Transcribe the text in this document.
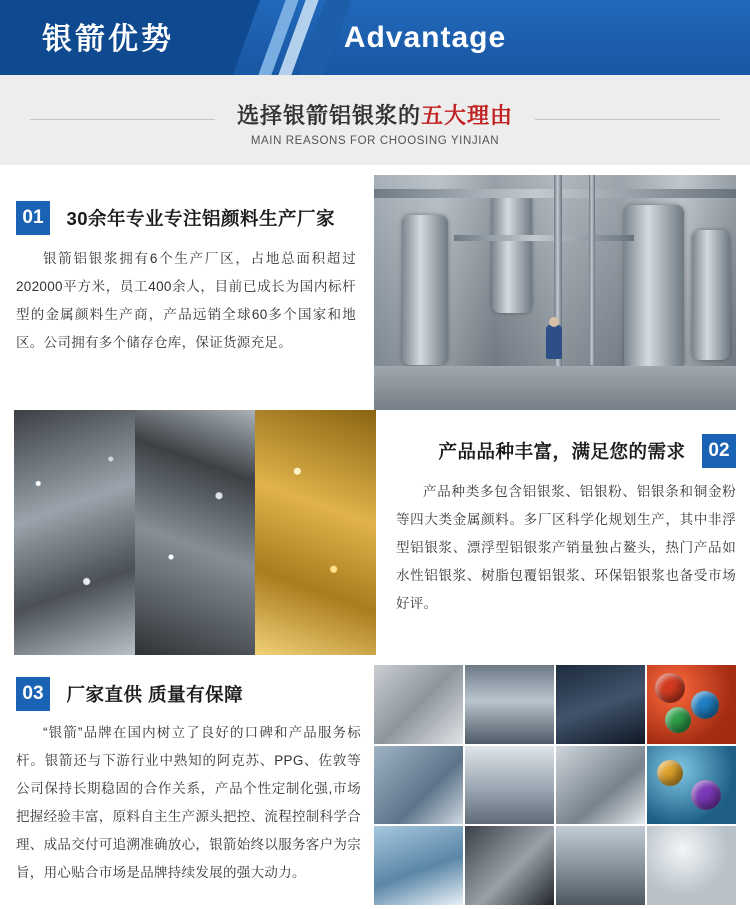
银箭优势	Advantage
选择银箭铝银浆的五大理由
MAIN REASONS FOR CHOOSING YINJIAN
01 30余年专业专注铝颜料生产厂家
银箭铝银浆拥有6个生产厂区，占地总面积超过202000平方米，员工400余人，目前已成长为国内标杆型的金属颜料生产商，产品远销全球60多个国家和地区。公司拥有多个储存仓库，保证货源充足。
产品品种丰富，满足您的需求 02
产品种类多包含铝银浆、铝银粉、铝银条和铜金粉等四大类金属颜料。多厂区科学化规划生产，其中非浮型铝银浆、漂浮型铝银浆产销量独占鳌头，热门产品如水性铝银浆、树脂包覆铝银浆、环保铝银浆也备受市场好评。
03 厂家直供 质量有保障
“银箭”品牌在国内树立了良好的口碑和产品服务标杆。银箭还与下游行业中熟知的阿克苏、PPG、佐敦等公司保持长期稳固的合作关系，产品个性定制化强,市场把握经验丰富，原料自主生产源头把控、流程控制科学合理、成品交付可追溯准确放心，银箭始终以服务客户为宗旨，用心贴合市场是品牌持续发展的强大动力。
